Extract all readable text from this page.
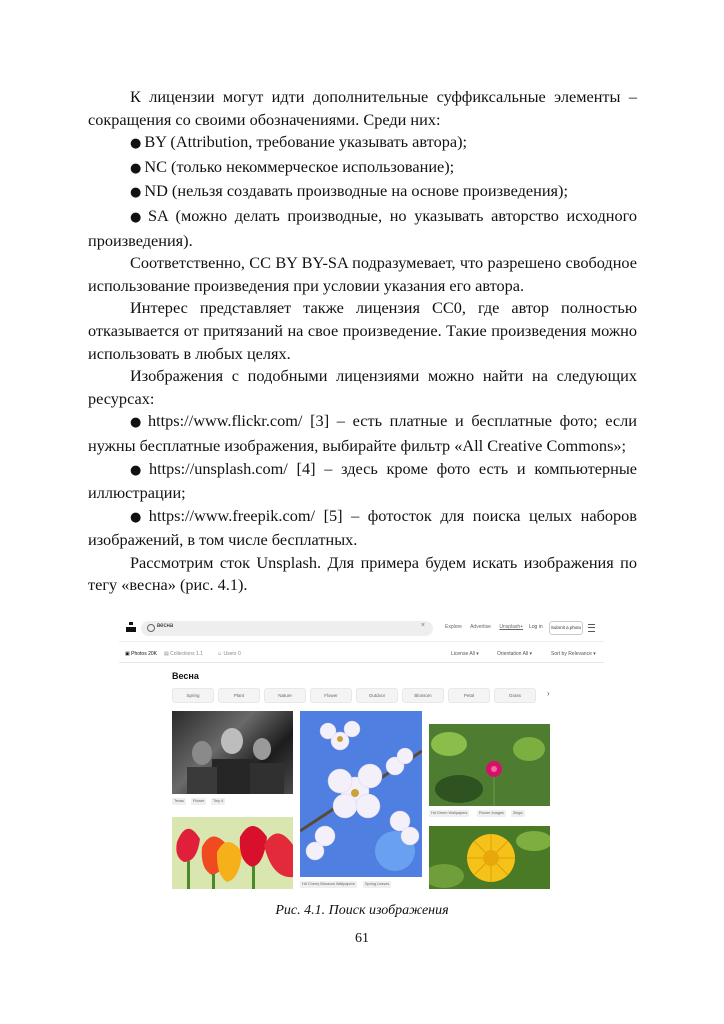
К лицензии могут идти дополнительные суффиксальные элементы – сокращения со своими обозначениями. Среди них:

● BY (Attribution, требование указывать автора);

● NC (только некоммерческое использование);

● ND (нельзя создавать производные на основе произведения);

● SA (можно делать производные, но указывать авторство исходного произведения).

Соответственно, CC BY BY-SA подразумевает, что разрешено свободное использование произведения при условии указания его автора.

Интерес представляет также лицензия CC0, где автор полностью отказывается от притязаний на свое произведение. Такие произведения можно использовать в любых целях.

Изображения с подобными лицензиями можно найти на следующих ресурсах:

● https://www.flickr.com/ [3] – есть платные и бесплатные фото; если нужны бесплатные изображения, выбирайте фильтр «All Creative Commons»;

● https://unsplash.com/ [4] – здесь кроме фото есть и компьютерные иллюстрации;

● https://www.freepik.com/ [5] – фотосток для поиска целых наборов изображений, в том числе бесплатных.

Рассмотрим сток Unsplash. Для примера будем искать изображения по тегу «весна» (рис. 4.1).

весна	×	Explore Advertise Unsplash+	Log in	Submit a photo
▣ Photos 20K ▤ Collections 1.1	☺ Users 0	License All ▾	Orientation All ▾	Sort by Relevance ▾
Весна
Spring	Plant	Nature	Flower	Outdoor	Blossom	Petal	Grass	›
Texas	Flower	Tiny 4
Hd Cherry Blossom Wallpapers	Spring Leaves
Hd Green Wallpapers	Flower Images	Zinga
Рис. 4.1. Поиск изображения
61
